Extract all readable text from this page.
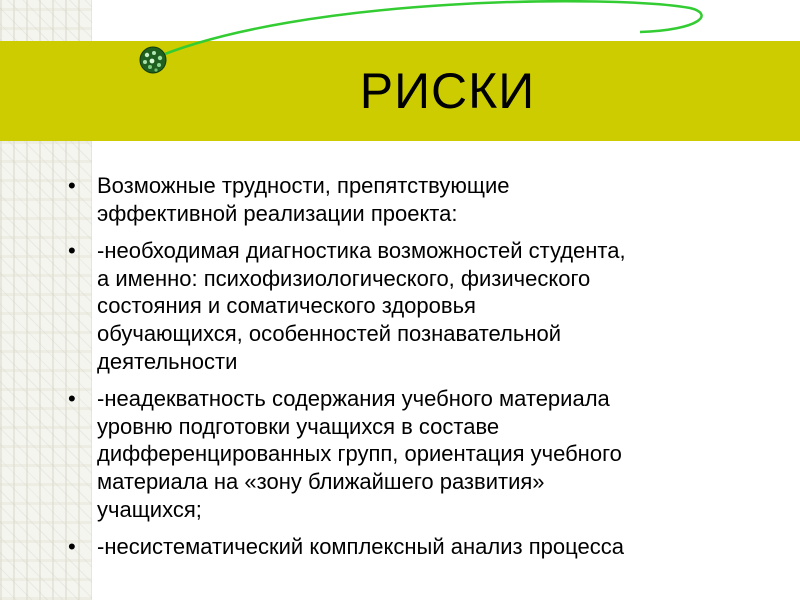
РИСКИ
• Возможные трудности, препятствующие
эффективной реализации проекта:
• -необходимая диагностика возможностей студента,
а именно: психофизиологического, физического
состояния и соматического здоровья
обучающихся, особенностей познавательной
деятельности
• -неадекватность содержания учебного материала
уровню подготовки учащихся в составе
дифференцированных групп, ориентация учебного
материала на «зону ближайшего развития»
учащихся;
• -несистематический комплексный анализ процесса
